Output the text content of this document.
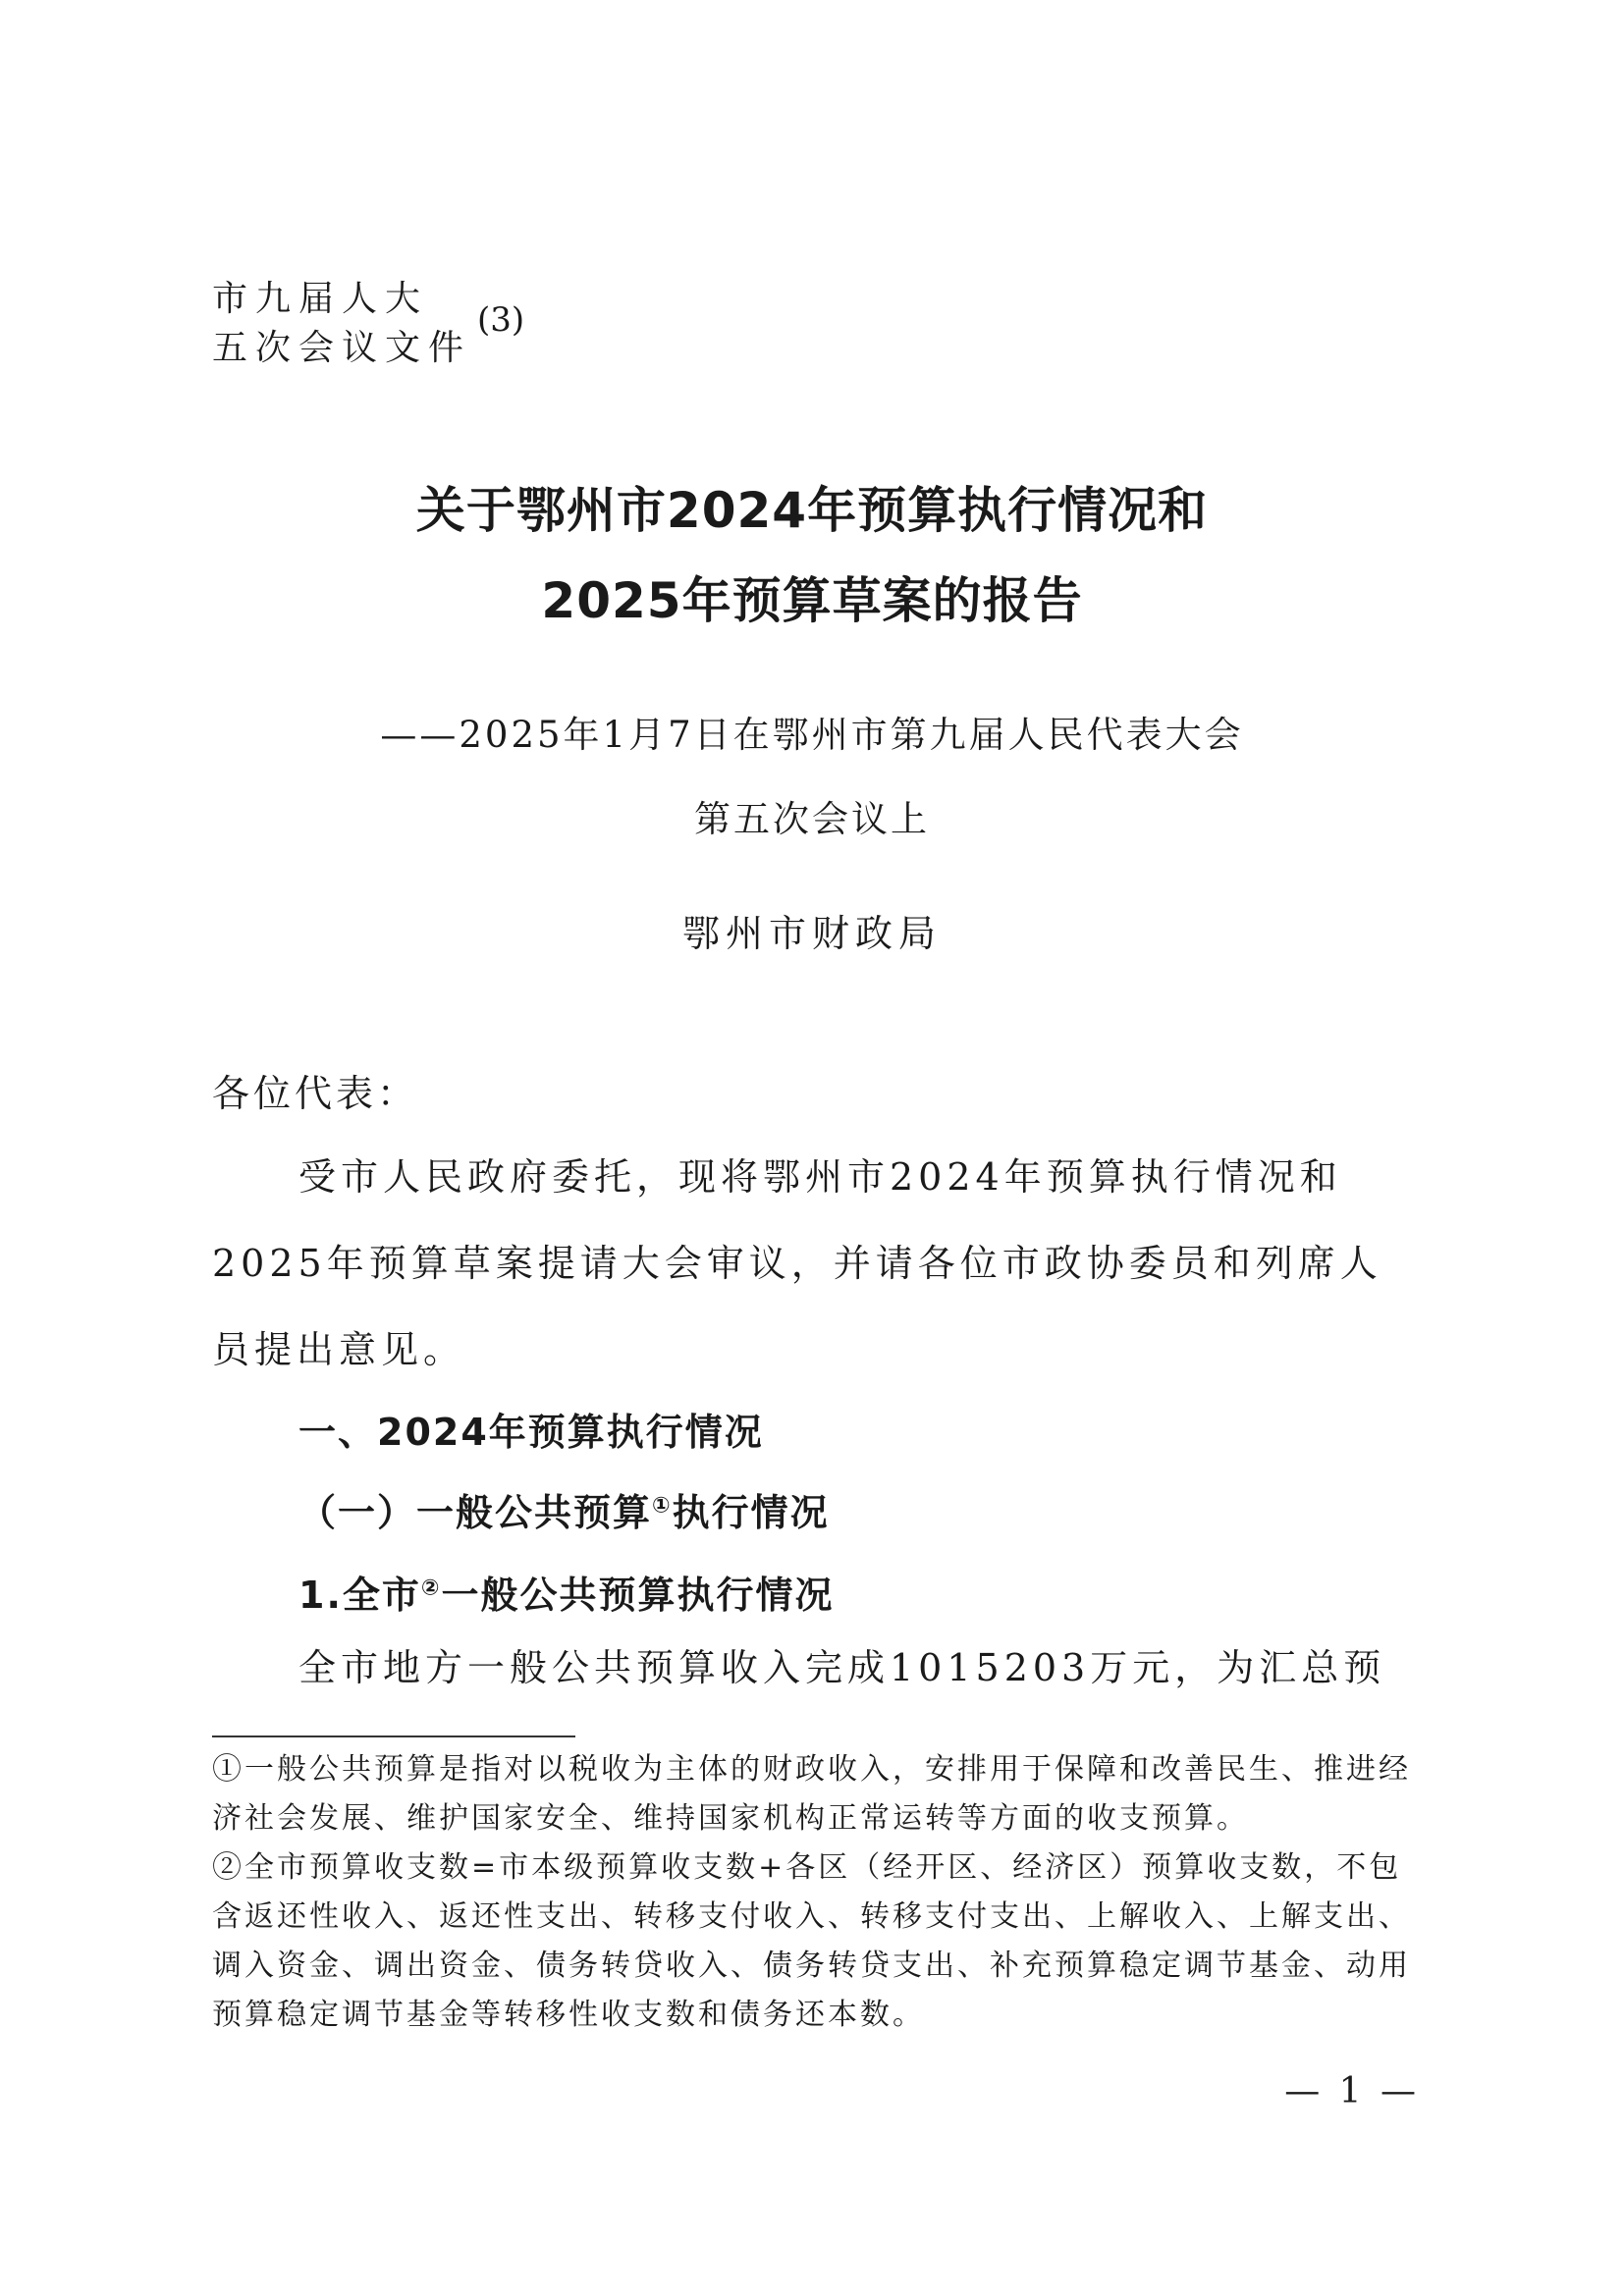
市九届人大
五次会议文件
(3)
关于鄂州市2024年预算执行情况和
2025年预算草案的报告
——2025年1月7日在鄂州市第九届人民代表大会
第五次会议上
鄂州市财政局
各位代表：

受市人民政府委托，现将鄂州市2024年预算执行情况和2025年预算草案提请大会审议，并请各位市政协委员和列席人员提出意见。

一、2024年预算执行情况
（一）一般公共预算①执行情况
1.全市②一般公共预算执行情况

全市地方一般公共预算收入完成1015203万元，为汇总预

①一般公共预算是指对以税收为主体的财政收入，安排用于保障和改善民生、推进经济社会发展、维护国家安全、维持国家机构正常运转等方面的收支预算。

②全市预算收支数=市本级预算收支数+各区（经开区、经济区）预算收支数，不包含返还性收入、返还性支出、转移支付收入、转移支付支出、上解收入、上解支出、调入资金、调出资金、债务转贷收入、债务转贷支出、补充预算稳定调节基金、动用预算稳定调节基金等转移性收支数和债务还本数。

— 1 —
